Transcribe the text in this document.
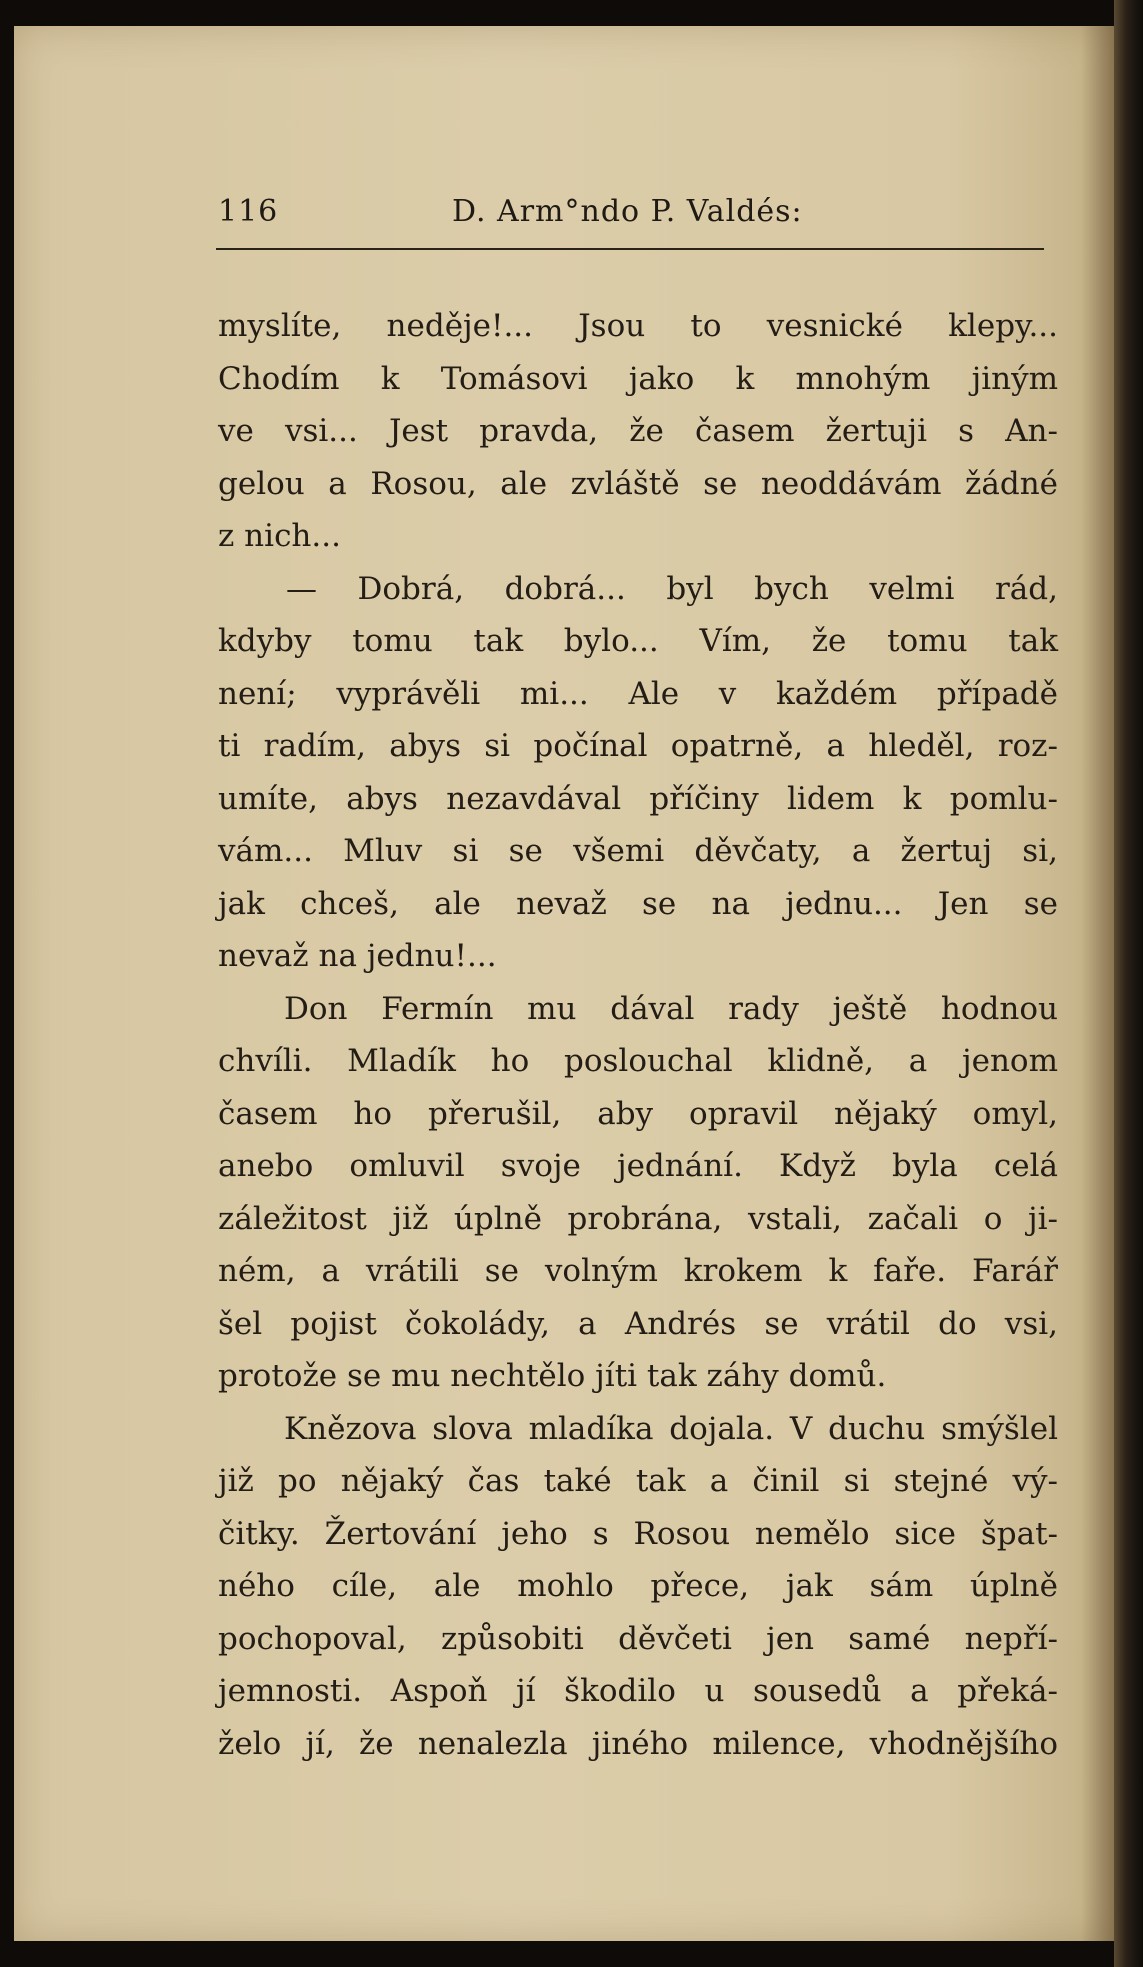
116	D. Arm°ndo P. Valdés:
myslíte, neděje!... Jsou to vesnické klepy...
Chodím k Tomásovi jako k mnohým jiným
ve vsi... Jest pravda, že časem žertuji s An-
gelou a Rosou, ale zvláště se neoddávám žádné
z nich...
— Dobrá, dobrá... byl bych velmi rád,
kdyby tomu tak bylo... Vím, že tomu tak
není; vyprávěli mi... Ale v každém případě
ti radím, abys si počínal opatrně, a hleděl, roz-
umíte, abys nezavdával příčiny lidem k pomlu-
vám... Mluv si se všemi děvčaty, a žertuj si,
jak chceš, ale nevaž se na jednu... Jen se
nevaž na jednu!...
Don Fermín mu dával rady ještě hodnou
chvíli. Mladík ho poslouchal klidně, a jenom
časem ho přerušil, aby opravil nějaký omyl,
anebo omluvil svoje jednání. Když byla celá
záležitost již úplně probrána, vstali, začali o ji-
ném, a vrátili se volným krokem k faře. Farář
šel pojist čokolády, a Andrés se vrátil do vsi,
protože se mu nechtělo jíti tak záhy domů.
Knězova slova mladíka dojala. V duchu smýšlel
již po nějaký čas také tak a činil si stejné vý-
čitky. Žertování jeho s Rosou nemělo sice špat-
ného cíle, ale mohlo přece, jak sám úplně
pochopoval, způsobiti děvčeti jen samé nepří-
jemnosti. Aspoň jí škodilo u sousedů a překá-
želo jí, že nenalezla jiného milence, vhodnějšího
